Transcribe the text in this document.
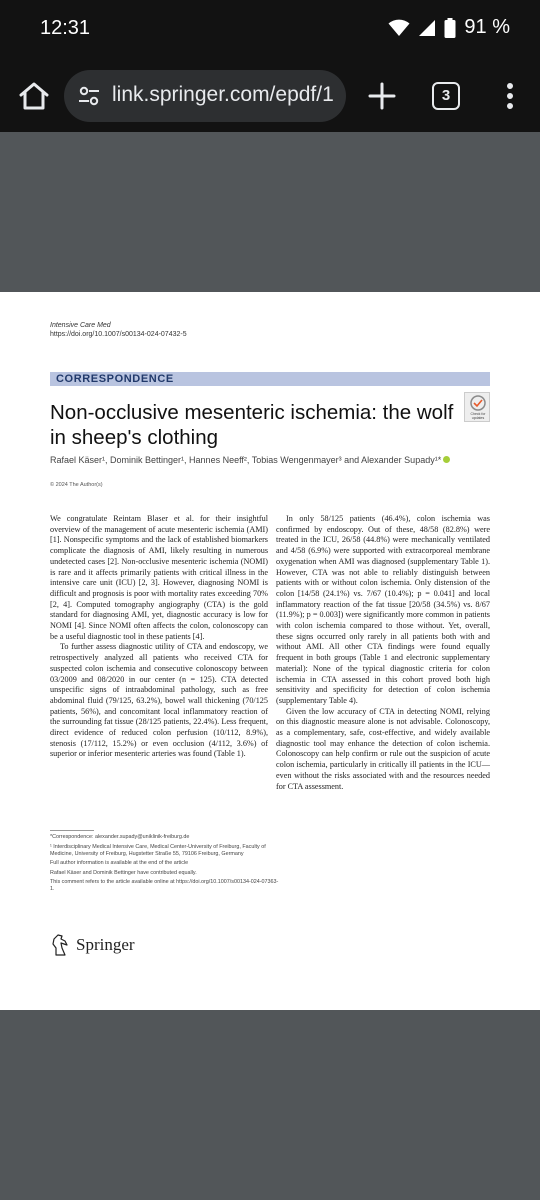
12:31	91 %
link.springer.com/epdf/1	3
Intensive Care Med
https://doi.org/10.1007/s00134-024-07432-5
CORRESPONDENCE
Non-occlusive mesenteric ischemia: the wolf in sheep's clothing
Check for updates
Rafael Käser¹, Dominik Bettinger¹, Hannes Neeff², Tobias Wengenmayer³ and Alexander Supady¹*
© 2024 The Author(s)

We congratulate Reintam Blaser et al. for their insightful overview of the management of acute mesenteric ischemia (AMI) [1]. Nonspecific symptoms and the lack of established biomarkers complicate the diagnosis of AMI, likely resulting in numerous undetected cases [2]. Non-occlusive mesenteric ischemia (NOMI) is rare and it affects primarily patients with critical illness in the intensive care unit (ICU) [2, 3]. However, diagnosing NOMI is difficult and prognosis is poor with mortality rates exceeding 70% [2, 4]. Computed tomography angiography (CTA) is the gold standard for diagnosing AMI, yet, diagnostic accuracy is low for NOMI [4]. Since NOMI often affects the colon, colonoscopy can be a useful diagnostic tool in these patients [4].

To further assess diagnostic utility of CTA and endoscopy, we retrospectively analyzed all patients who received CTA for suspected colon ischemia and consecutive colonoscopy between 03/2009 and 08/2020 in our center (n = 125). CTA detected unspecific signs of intraabdominal pathology, such as free abdominal fluid (79/125, 63.2%), bowel wall thickening (70/125 patients, 56%), and concomitant local inflammatory reaction of the surrounding fat tissue (28/125 patients, 22.4%). Less frequent, direct evidence of reduced colon perfusion (10/112, 8.9%), stenosis (17/112, 15.2%) or even occlusion (4/112, 3.6%) of superior or inferior mesenteric arteries was found (Table 1).

In only 58/125 patients (46.4%), colon ischemia was confirmed by endoscopy. Out of these, 48/58 (82.8%) were treated in the ICU, 26/58 (44.8%) were mechanically ventilated and 4/58 (6.9%) were supported with extracorporeal membrane oxygenation when AMI was diagnosed (supplementary Table 1). However, CTA was not able to reliably distinguish between patients with or without colon ischemia. Only distension of the colon [14/58 (24.1%) vs. 7/67 (10.4%); p = 0.041] and local inflammatory reaction of the fat tissue [20/58 (34.5%) vs. 8/67 (11.9%); p = 0.003]) were significantly more common in patients with colon ischemia compared to those without. Yet, overall, these signs occurred only rarely in all patients both with and without AMI. All other CTA findings were found equally frequent in both groups (Table 1 and electronic supplementary material): None of the typical diagnostic criteria for colon ischemia in CTA assessed in this cohort proved both high sensitivity and specificity for detection of colon ischemia (supplementary Table 4).

Given the low accuracy of CTA in detecting NOMI, relying on this diagnostic measure alone is not advisable. Colonoscopy, as a complementary, safe, cost-effective, and widely available diagnostic tool may enhance the detection of colon ischemia. Colonoscopy can help confirm or rule out the suspicion of acute colon ischemia, particularly in critically ill patients in the ICU—even without the risks associated with and the resources needed for CTA assessment.

*Correspondence: alexander.supady@uniklinik-freiburg.de
¹ Interdisciplinary Medical Intensive Care, Medical Center-University of Freiburg, Faculty of Medicine, University of Freiburg, Hugstetter Straße 55, 79106 Freiburg, Germany
Full author information is available at the end of the article
Rafael Käser and Dominik Bettinger have contributed equally.
This comment refers to the article available online at https://doi.org/10.1007/s00134-024-07363-1.
Springer
